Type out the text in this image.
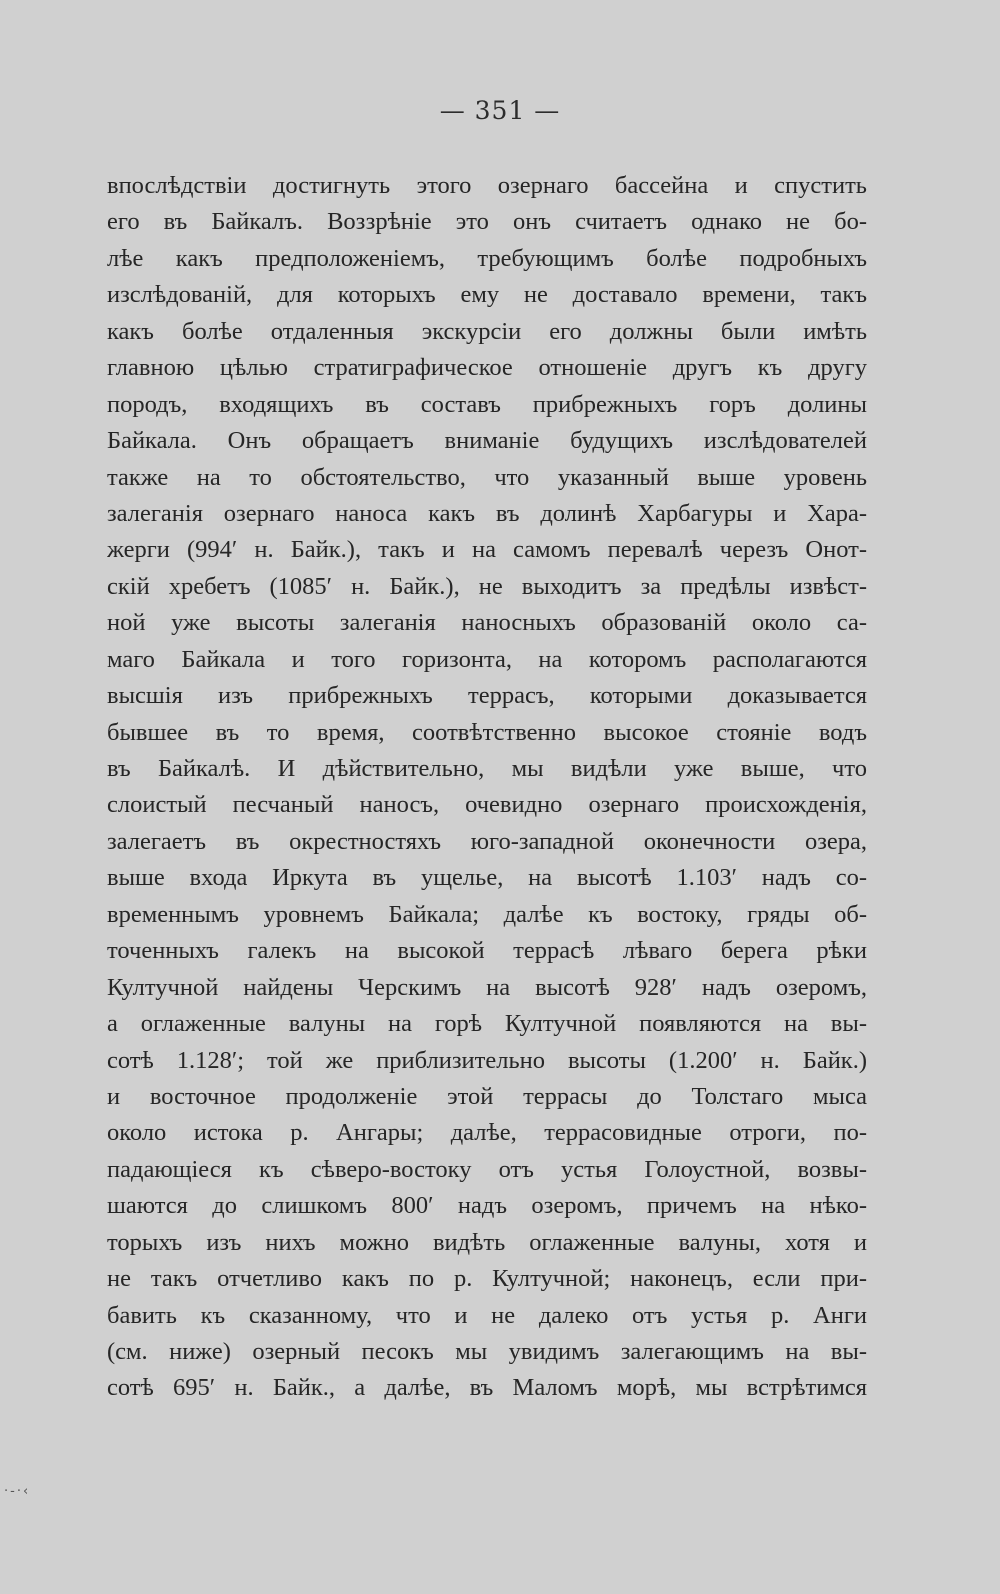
— 351 —
впослѣдствіи достигнуть этого озернаго бассейна и спустить
его въ Байкалъ. Воззрѣніе это онъ считаетъ однако не бо-
лѣе какъ предположеніемъ, требующимъ болѣе подробныхъ
изслѣдованій, для которыхъ ему не доставало времени, такъ
какъ болѣе отдаленныя экскурсіи его должны были имѣть
главною цѣлью стратиграфическое отношеніе другъ къ другу
породъ, входящихъ въ составъ прибрежныхъ горъ долины
Байкала. Онъ обращаетъ вниманіе будущихъ изслѣдователей
также на то обстоятельство, что указанный выше уровень
залеганія озернаго наноса какъ въ долинѣ Харбагуры и Хара-
жерги (994′ н. Байк.), такъ и на самомъ перевалѣ черезъ Онот-
скій хребетъ (1085′ н. Байк.), не выходитъ за предѣлы извѣст-
ной уже высоты залеганія наносныхъ образованій около са-
маго Байкала и того горизонта, на которомъ располагаются
высшія изъ прибрежныхъ террасъ, которыми доказывается
бывшее въ то время, соотвѣтственно высокое стояніе водъ
въ Байкалѣ. И дѣйствительно, мы видѣли уже выше, что
слоистый песчаный наносъ, очевидно озернаго происхожденія,
залегаетъ въ окрестностяхъ юго-западной оконечности озера,
выше входа Иркута въ ущелье, на высотѣ 1.103′ надъ со-
временнымъ уровнемъ Байкала; далѣе къ востоку, гряды об-
точенныхъ галекъ на высокой террасѣ лѣваго берега рѣки
Култучной найдены Черскимъ на высотѣ 928′ надъ озеромъ,
а оглаженные валуны на горѣ Култучной появляются на вы-
сотѣ 1.128′; той же приблизительно высоты (1.200′ н. Байк.)
и восточное продолженіе этой террасы до Толстаго мыса
около истока р. Ангары; далѣе, террасовидные отроги, по-
падающіеся къ сѣверо-востоку отъ устья Голоустной, возвы-
шаются до слишкомъ 800′ надъ озеромъ, причемъ на нѣко-
торыхъ изъ нихъ можно видѣть оглаженные валуны, хотя и
не такъ отчетливо какъ по р. Култучной; наконецъ, если при-
бавить къ сказанному, что и не далеко отъ устья р. Анги
(см. ниже) озерный песокъ мы увидимъ залегающимъ на вы-
сотѣ 695′ н. Байк., а далѣе, въ Маломъ морѣ, мы встрѣтимся
·-·‹
